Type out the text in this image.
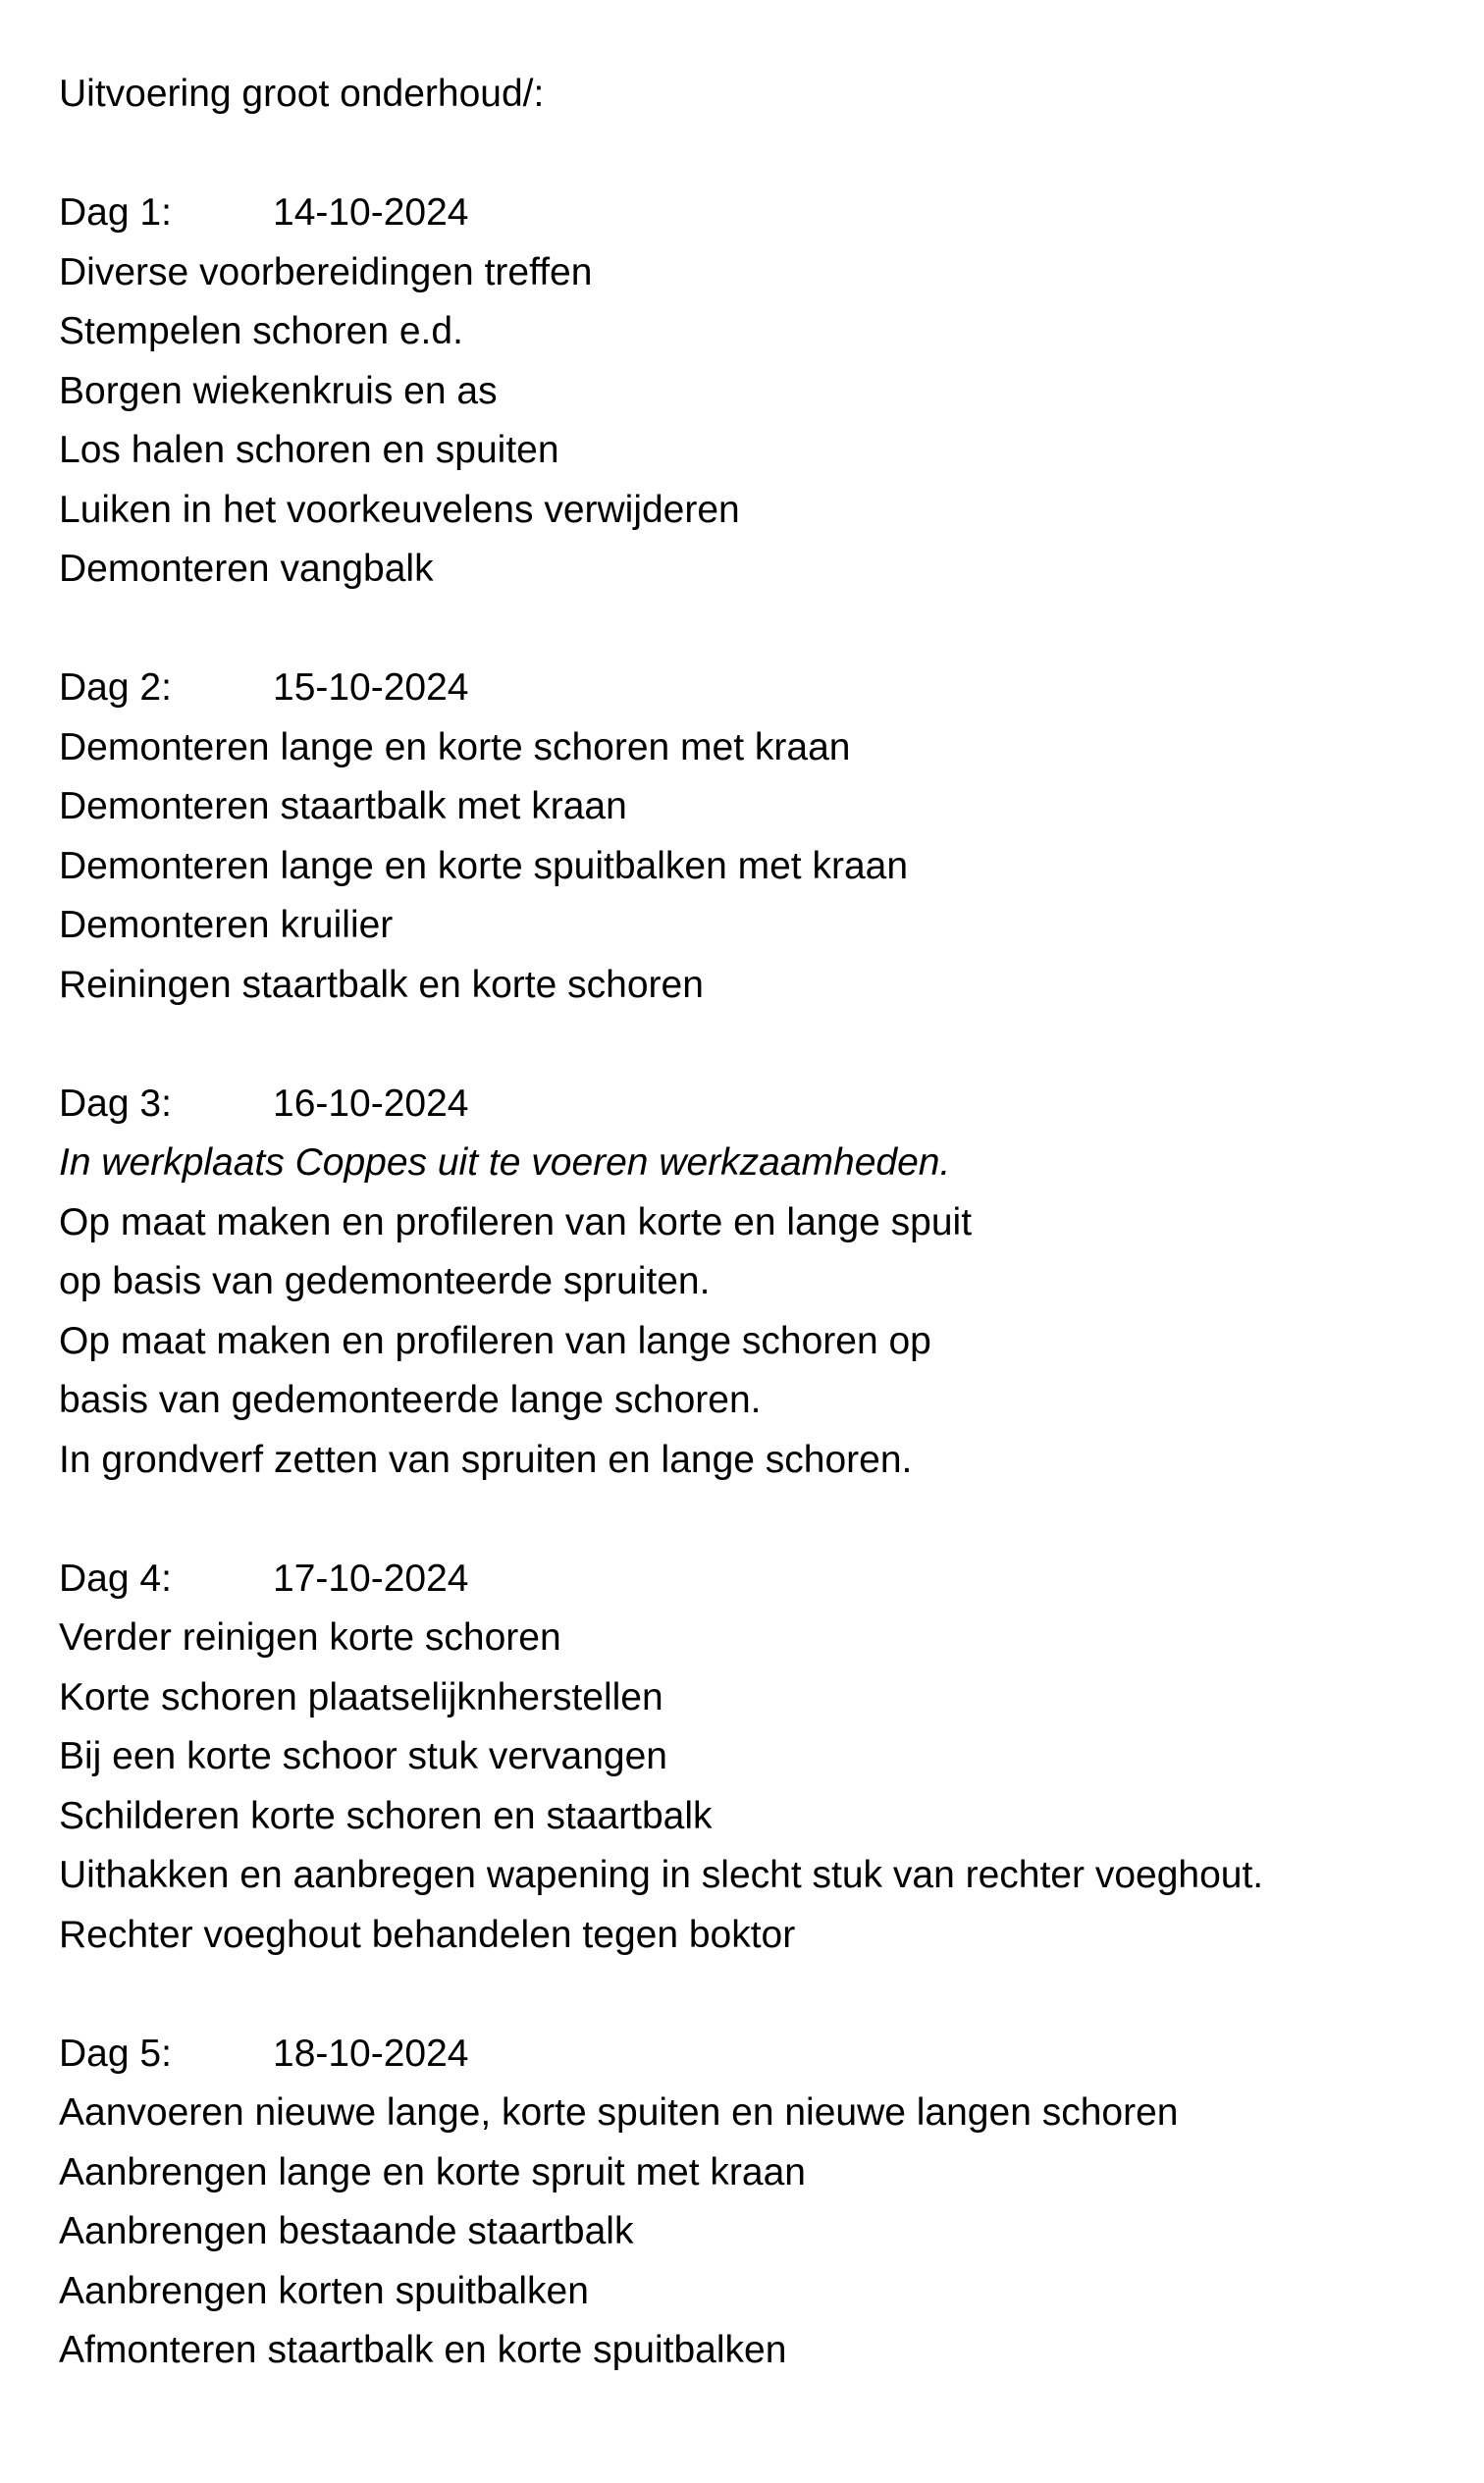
Uitvoering groot onderhoud/:
Dag 1:	14-10-2024
Diverse voorbereidingen treffen
Stempelen schoren e.d.
Borgen wiekenkruis en as
Los halen schoren en spuiten
Luiken in het voorkeuvelens verwijderen
Demonteren vangbalk
Dag 2:	15-10-2024
Demonteren lange en korte schoren met kraan
Demonteren staartbalk met kraan
Demonteren lange en korte spuitbalken met kraan
Demonteren kruilier
Reiningen staartbalk en korte schoren
Dag 3:	16-10-2024
In werkplaats Coppes uit te voeren werkzaamheden.
Op maat maken en profileren van korte en lange spuit
op basis van gedemonteerde spruiten.
Op maat maken en profileren van lange schoren op
basis van gedemonteerde lange schoren.
In grondverf zetten van spruiten en lange schoren.
Dag 4:	17-10-2024
Verder reinigen korte schoren
Korte schoren plaatselijknherstellen
Bij een korte schoor stuk vervangen
Schilderen korte schoren en staartbalk
Uithakken en aanbregen wapening in slecht stuk van rechter voeghout.
Rechter voeghout behandelen tegen boktor
Dag 5:	18-10-2024
Aanvoeren nieuwe lange, korte spuiten en nieuwe langen schoren
Aanbrengen lange en korte spruit met kraan
Aanbrengen bestaande staartbalk
Aanbrengen korten spuitbalken
Afmonteren staartbalk en korte spuitbalken
